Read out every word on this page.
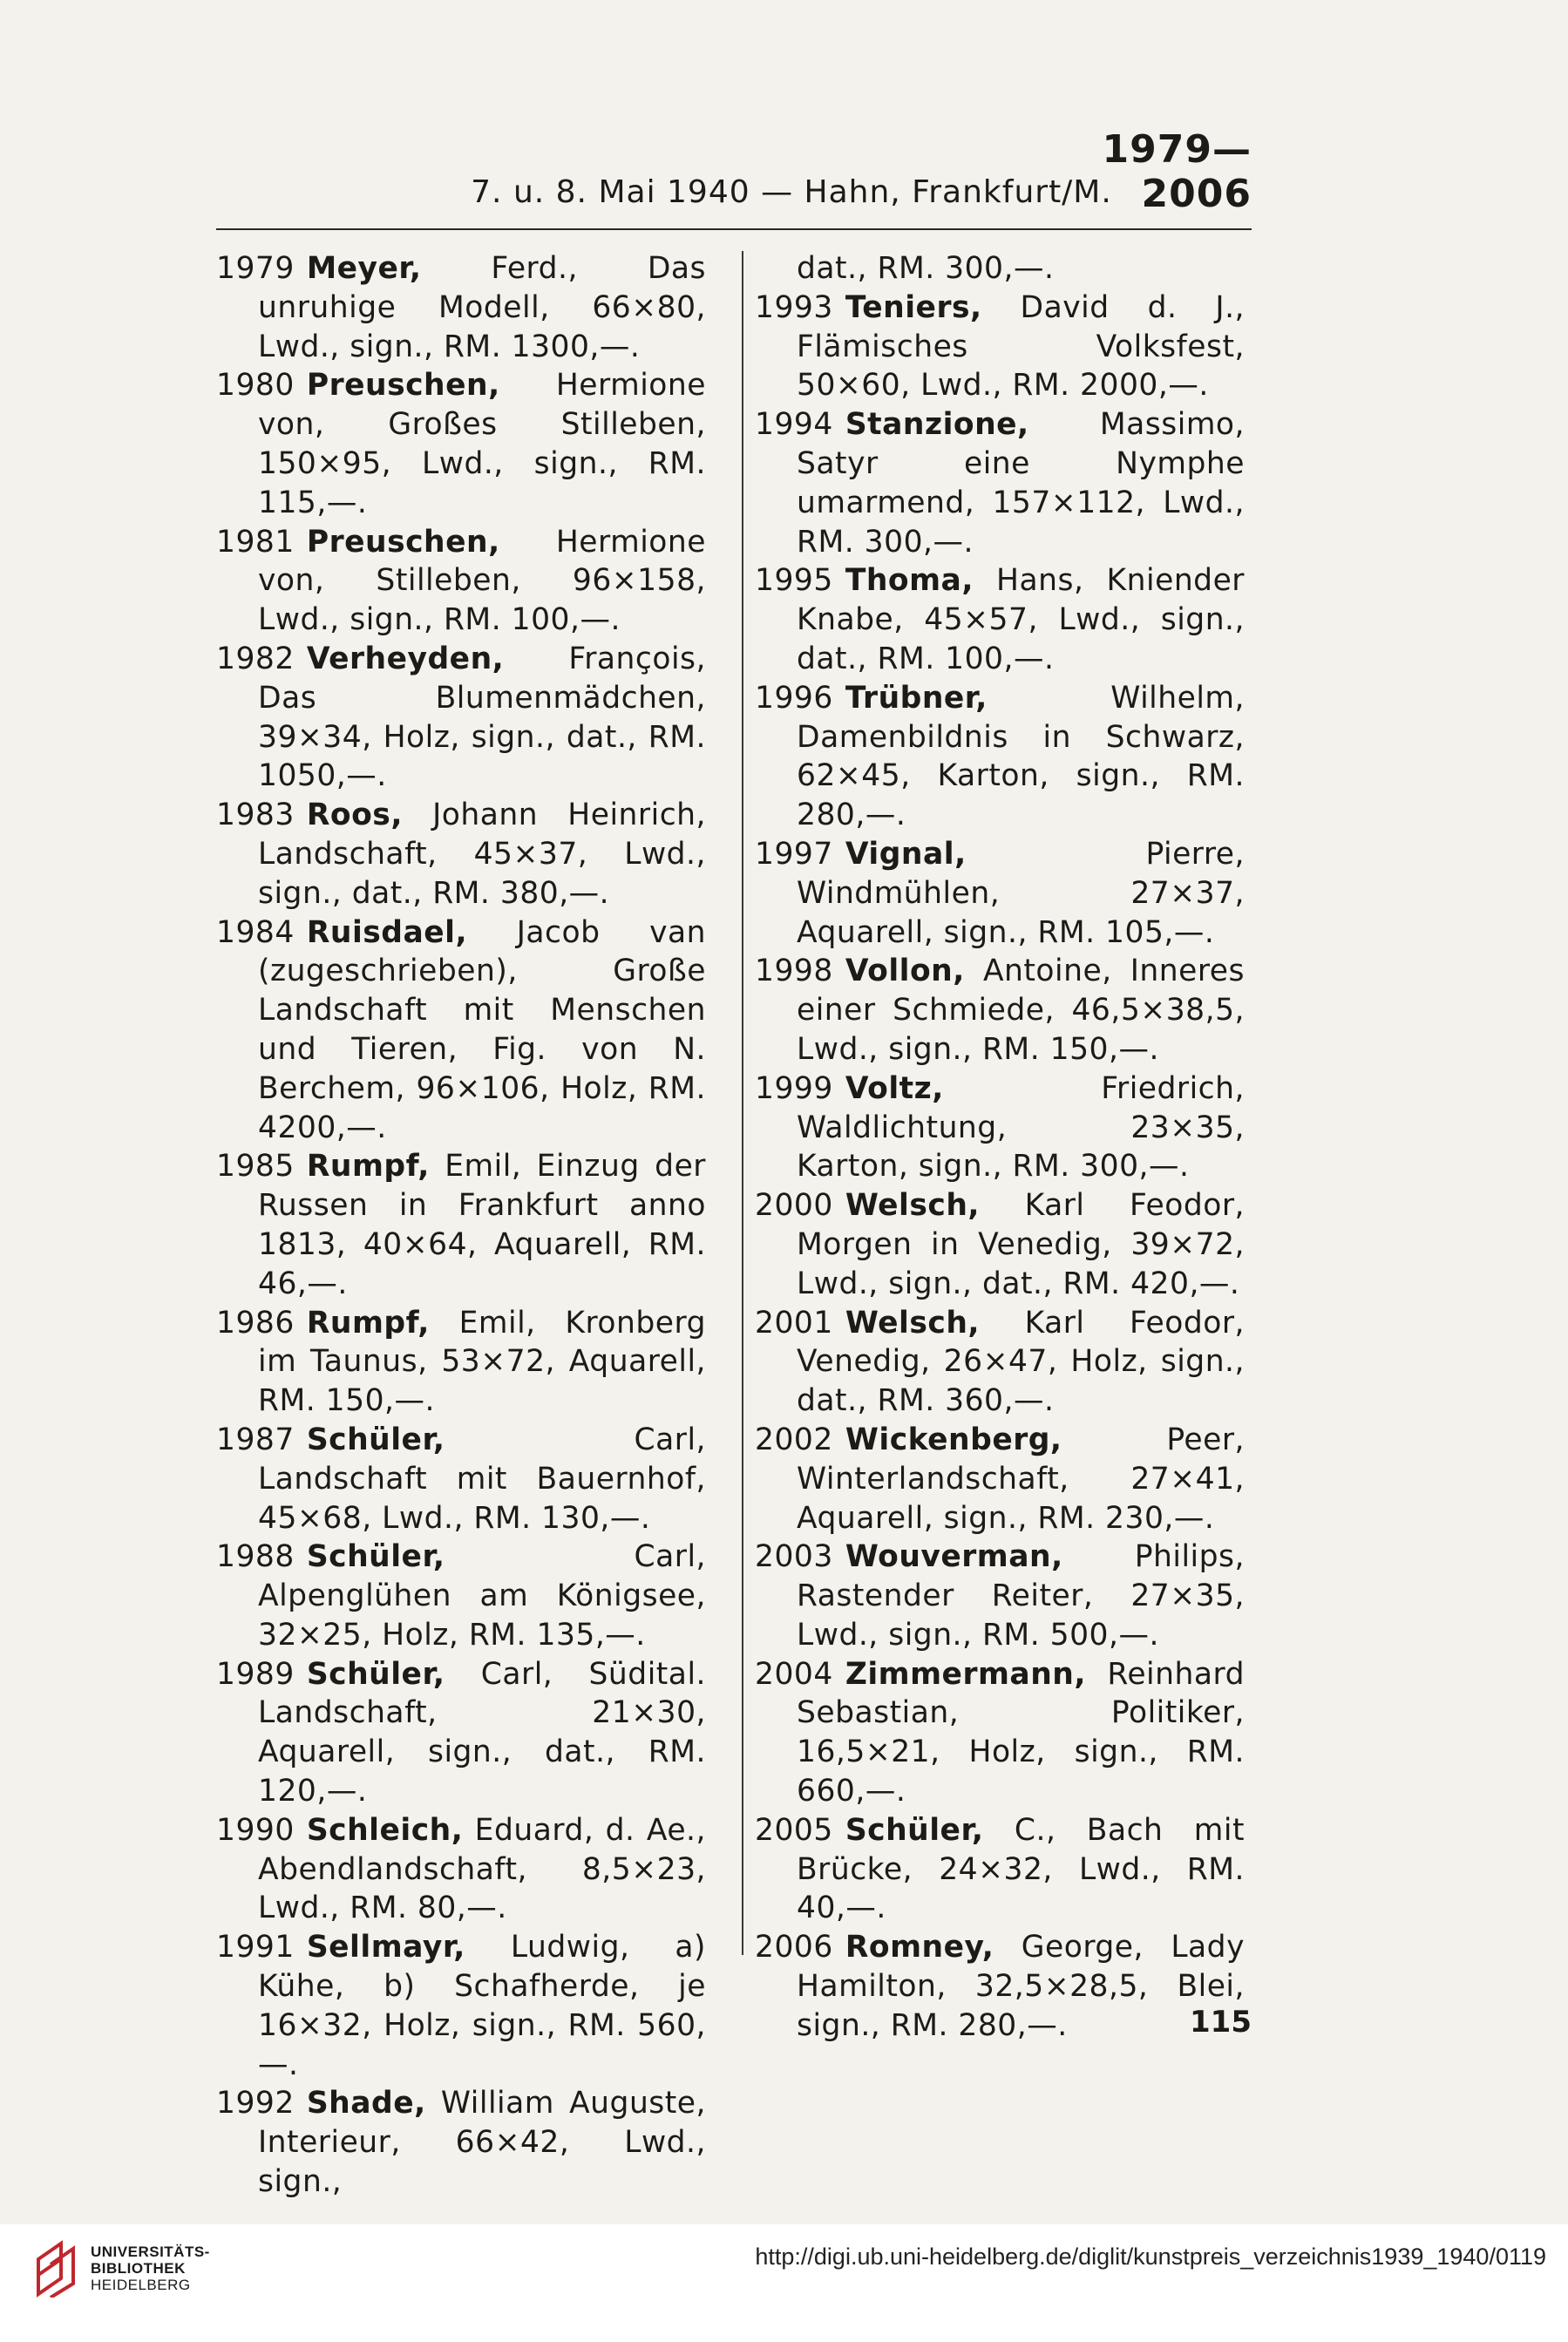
1979—2006
7. u. 8. Mai 1940 — Hahn, Frankfurt/M.
1979 Meyer, Ferd., Das unruhige Modell, 66×80, Lwd., sign., RM. 1300,—.
1980 Preuschen, Hermione von, Großes Stilleben, 150×95, Lwd., sign., RM. 115,—.
1981 Preuschen, Hermione von, Stilleben, 96×158, Lwd., sign., RM. 100,—.
1982 Verheyden, François, Das Blumenmädchen, 39×34, Holz, sign., dat., RM. 1050,—.
1983 Roos, Johann Heinrich, Landschaft, 45×37, Lwd., sign., dat., RM. 380,—.
1984 Ruisdael, Jacob van (zugeschrieben), Große Landschaft mit Menschen und Tieren, Fig. von N. Berchem, 96×106, Holz, RM. 4200,—.
1985 Rumpf, Emil, Einzug der Russen in Frankfurt anno 1813, 40×64, Aquarell, RM. 46,—.
1986 Rumpf, Emil, Kronberg im Taunus, 53×72, Aquarell, RM. 150,—.
1987 Schüler,	Carl, Landschaft mit Bauernhof, 45×68, Lwd., RM. 130,—.
1988 Schüler,	Carl, Alpenglühen am Königsee, 32×25, Holz, RM. 135,—.
1989 Schüler, Carl, Südital. Landschaft, 21×30, Aquarell, sign., dat., RM. 120,—.
1990 Schleich, Eduard, d. Ae., Abendlandschaft, 8,5×23, Lwd., RM. 80,—.
1991 Sellmayr, Ludwig, a) Kühe, b) Schafherde, je 16×32, Holz, sign., RM. 560,—.
1992 Shade, William Auguste, Interieur, 66×42, Lwd., sign.,
dat., RM. 300,—.
1993 Teniers, David d. J., Flämisches Volksfest, 50×60, Lwd., RM. 2000,—.
1994 Stanzione, Massimo, Satyr eine Nymphe umarmend, 157×112, Lwd., RM. 300,—.
1995 Thoma, Hans, Kniender Knabe, 45×57, Lwd., sign., dat., RM. 100,—.
1996 Trübner,	Wilhelm, Damenbildnis in Schwarz, 62×45, Karton, sign., RM. 280,—.
1997 Vignal,	Pierre, Windmühlen, 27×37, Aquarell, sign., RM. 105,—.
1998 Vollon, Antoine, Inneres einer Schmiede, 46,5×38,5, Lwd., sign., RM. 150,—.
1999 Voltz,	Friedrich, Waldlichtung, 23×35, Karton, sign., RM. 300,—.
2000 Welsch, Karl Feodor, Morgen in Venedig, 39×72, Lwd., sign., dat., RM. 420,—.
2001 Welsch, Karl Feodor, Venedig, 26×47, Holz, sign., dat., RM. 360,—.
2002 Wickenberg,	Peer, Winterlandschaft, 27×41, Aquarell, sign., RM. 230,—.
2003 Wouverman, Philips, Rastender Reiter, 27×35, Lwd., sign., RM. 500,—.
2004 Zimmermann, Reinhard Sebastian, Politiker, 16,5×21, Holz, sign., RM. 660,—.
2005 Schüler, C., Bach mit Brücke, 24×32, Lwd., RM. 40,—.
2006 Romney, George, Lady Hamilton, 32,5×28,5, Blei, sign., RM. 280,—.	115
UNIVERSITÄTS-
BIBLIOTHEK
HEIDELBERG
http://digi.ub.uni-heidelberg.de/diglit/kunstpreis_verzeichnis1939_1940/0119
